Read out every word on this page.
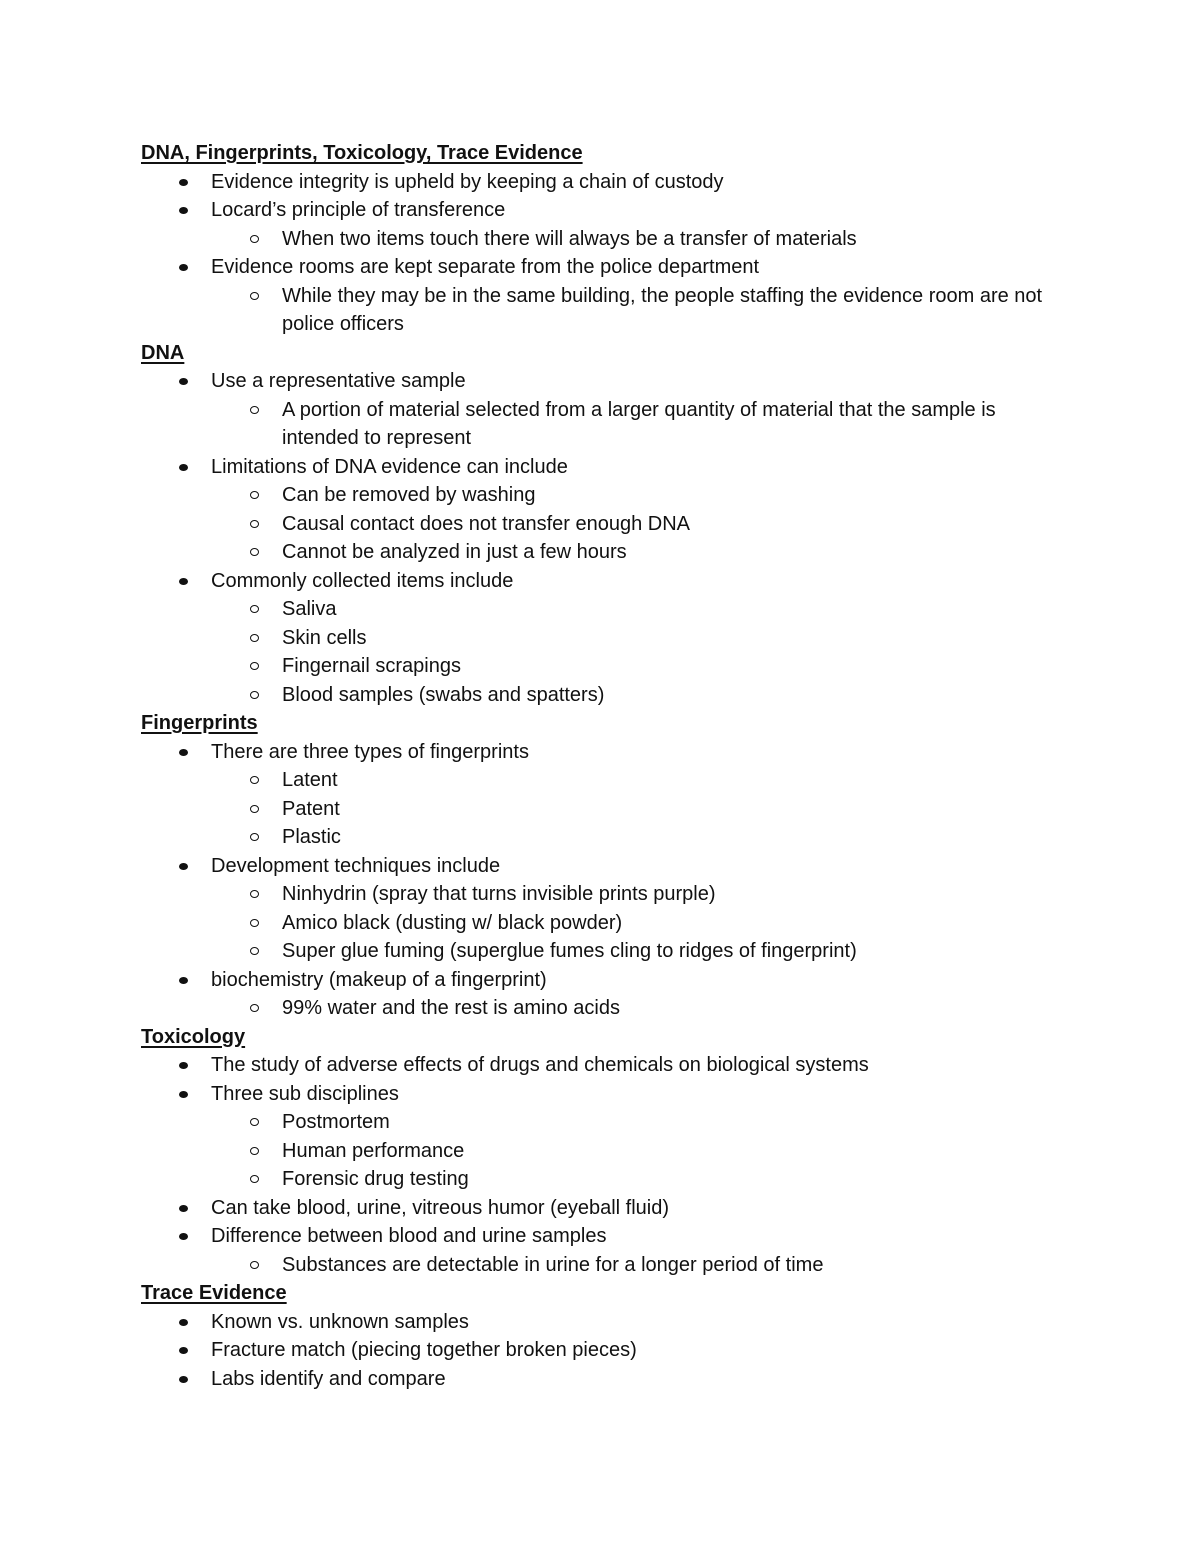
DNA, Fingerprints, Toxicology, Trace Evidence
Evidence integrity is upheld by keeping a chain of custody
Locard’s principle of transference
When two items touch there will always be a transfer of materials
Evidence rooms are kept separate from the police department
While they may be in the same building, the people staffing the evidence room are not police officers
DNA
Use a representative sample
A portion of material selected from a larger quantity of material that the sample is intended to represent
Limitations of DNA evidence can include
Can be removed by washing
Causal contact does not transfer enough DNA
Cannot be analyzed in just a few hours
Commonly collected items include
Saliva
Skin cells
Fingernail scrapings
Blood samples (swabs and spatters)
Fingerprints
There are three types of fingerprints
Latent
Patent
Plastic
Development techniques include
Ninhydrin (spray that turns invisible prints purple)
Amico black (dusting w/ black powder)
Super glue fuming (superglue fumes cling to ridges of fingerprint)
biochemistry (makeup of a fingerprint)
99% water and the rest is amino acids
Toxicology
The study of adverse effects of drugs and chemicals on biological systems
Three sub disciplines
Postmortem
Human performance
Forensic drug testing
Can take blood, urine, vitreous humor (eyeball fluid)
Difference between blood and urine samples
Substances are detectable in urine for a longer period of time
Trace Evidence
Known vs. unknown samples
Fracture match (piecing together broken pieces)
Labs identify and compare
